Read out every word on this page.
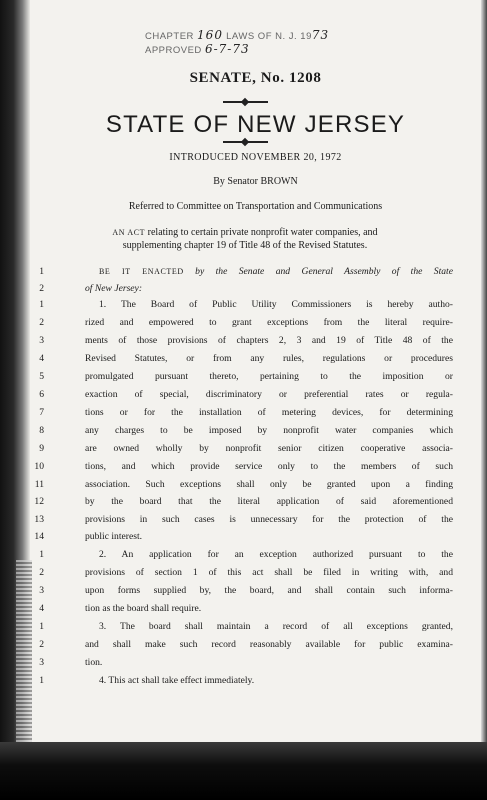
CHAPTER 160 LAWS OF N. J. 1973
APPROVED 6-7-73
SENATE, No. 1208
STATE OF NEW JERSEY
INTRODUCED NOVEMBER 20, 1972
By Senator BROWN
Referred to Committee on Transportation and Communications
AN ACT relating to certain private nonprofit water companies, and
supplementing chapter 19 of Title 48 of the Revised Statutes.
1	BE IT ENACTED by the Senate and General Assembly of the State
2	of New Jersey:
1	1. The Board of Public Utility Commissioners is hereby autho-
2	rized and empowered to grant exceptions from the literal require-
3	ments of those provisions of chapters 2, 3 and 19 of Title 48 of the
4	Revised Statutes, or from any rules, regulations or procedures
5	promulgated pursuant thereto, pertaining to the imposition or
6	exaction of special, discriminatory or preferential rates or regula-
7	tions or for the installation of metering devices, for determining
8	any charges to be imposed by nonprofit water companies which
9	are owned wholly by nonprofit senior citizen cooperative associa-
10	tions, and which provide service only to the members of such
11	association. Such exceptions shall only be granted upon a finding
12	by the board that the literal application of said aforementioned
13	provisions in such cases is unnecessary for the protection of the
14	public interest.
1	2. An application for an exception authorized pursuant to the
2	provisions of section 1 of this act shall be filed in writing with, and
3	upon forms supplied by, the board, and shall contain such informa-
4	tion as the board shall require.
1	3. The board shall maintain a record of all exceptions granted,
2	and shall make such record reasonably available for public examina-
3	tion.
1	4. This act shall take effect immediately.
